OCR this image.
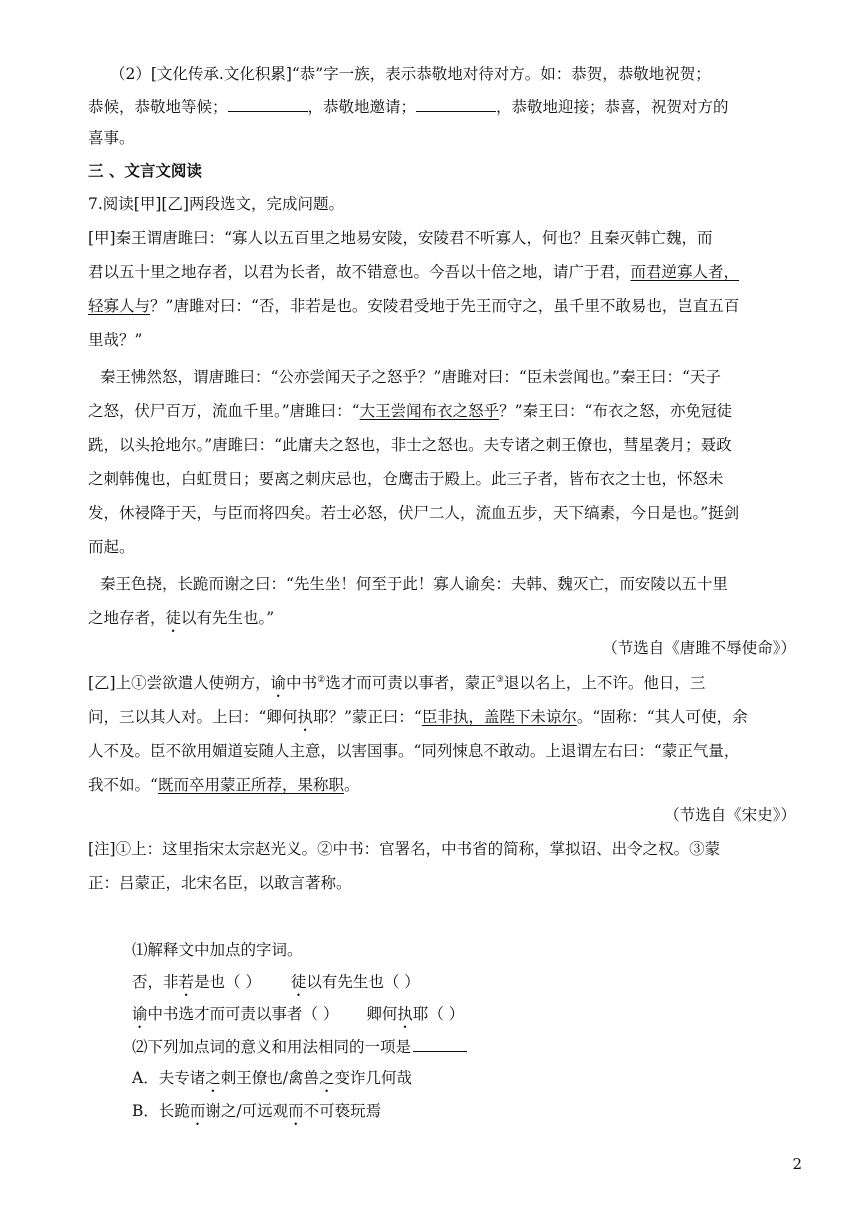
（2）[文化传承.文化积累]“恭”字一族，表示恭敬地对待对方。如：恭贺，恭敬地祝贺；
恭候，恭敬地等候；	，恭敬地邀请；	，恭敬地迎接；恭喜，祝贺对方的
喜事。
三 、文言文阅读
7.阅读[甲][乙]两段选文，完成问题。
[甲]秦王谓唐雎曰：“寡人以五百里之地易安陵，安陵君不听寡人，何也？且秦灭韩亡魏，而
君以五十里之地存者，以君为长者，故不错意也。今吾以十倍之地，请广于君，而君逆寡人者，
轻寡人与？”唐雎对曰：“否，非若是也。安陵君受地于先王而守之，虽千里不敢易也，岂直五百
里哉？”
秦王怫然怒，谓唐雎曰：“公亦尝闻天子之怒乎？”唐雎对曰：“臣未尝闻也。”秦王曰：“天子
之怒，伏尸百万，流血千里。”唐雎曰：“大王尝闻布衣之怒乎？”秦王曰：“布衣之怒，亦免冠徒
跣，以头抢地尔。”唐雎曰：“此庸夫之怒也，非士之怒也。夫专诸之刺王僚也，彗星袭月；聂政
之刺韩傀也，白虹贯日；要离之刺庆忌也，仓鹰击于殿上。此三子者，皆布衣之士也，怀怒未
发，休祲降于天，与臣而将四矣。若士必怒，伏尸二人，流血五步，天下缟素，今日是也。”挺剑
而起。
秦王色挠，长跪而谢之曰：“先生坐！何至于此！寡人谕矣：夫韩、魏灭亡，而安陵以五十里
之地存者，徒以有先生也。”
（节选自《唐雎不辱使命》）
[乙]上①尝欲遣人使朔方，谕中书②选才而可责以事者，蒙正③退以名上，上不许。他日，三
问，三以其人对。上曰：“卿何执耶？”蒙正曰：“臣非执，盖陛下未谅尔。“固称：“其人可使，余
人不及。臣不欲用媚道妄随人主意，以害国事。“同列悚息不敢动。上退谓左右曰：“蒙正气量，
我不如。“既而卒用蒙正所荐，果称职。
（节选自《宋史》）
[注]①上：这里指宋太宗赵光义。②中书：官署名，中书省的简称，掌拟诏、出令之权。③蒙
正：吕蒙正，北宋名臣，以敢言著称。
⑴解释文中加点的字词。
否，非若是也（ ） 徒以有先生也（ ）
谕中书选才而可责以事者（ ） 卿何执耶（ ）
⑵下列加点词的意义和用法相同的一项是
A．夫专诸之刺王僚也/禽兽之变诈几何哉
B．长跪而谢之/可远观而不可亵玩焉
2
